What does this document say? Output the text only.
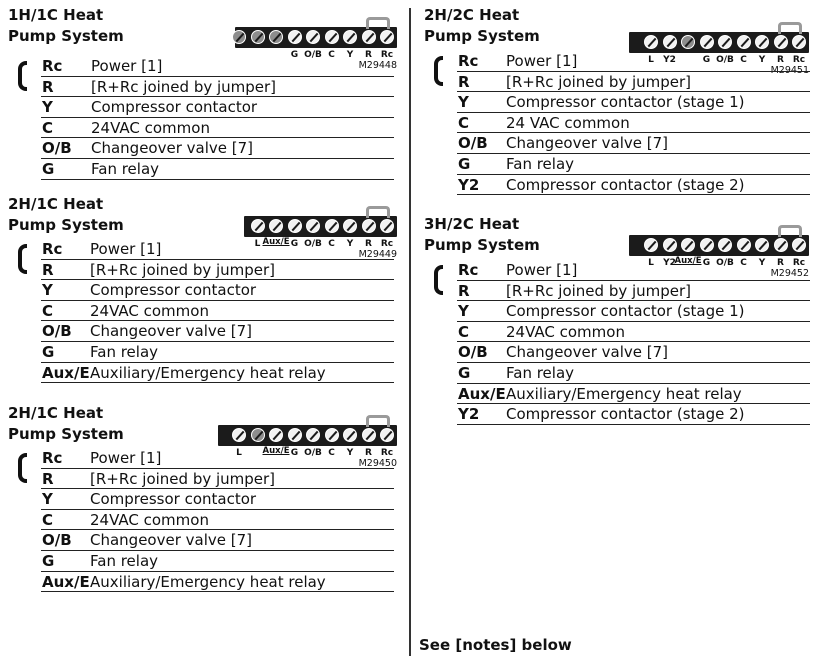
1H/1C Heat
Pump System
G O/B C	Y	R Rc
M29448
Rc Power [1]
R [R+Rc joined by jumper]
Y	Compressor contactor
C	24VAC common
O/B Changeover valve [7]
G Fan relay
2H/1C Heat
Pump System
L Aux/E G O/B C	Y	R Rc
M29449
Rc Power [1]
R [R+Rc joined by jumper]
Y Compressor contactor
C 24VAC common
O/B Changeover valve [7]
G Fan relay
Aux/E Auxiliary/Emergency heat relay
2H/1C Heat
Pump System
L	Aux/E G O/B C	Y	R Rc
M29450
Rc Power [1]
R [R+Rc joined by jumper]
Y Compressor contactor
C 24VAC common
O/B Changeover valve [7]
G Fan relay
Aux/E Auxiliary/Emergency heat relay
2H/2C Heat
Pump System
L	Y2	G O/B C	Y	R Rc
M29451
Rc Power [1]
R [R+Rc joined by jumper]
Y Compressor contactor (stage 1)
C 24 VAC common
O/B Changeover valve [7]
G Fan relay
Y2 Compressor contactor (stage 2)
3H/2C Heat
Pump System
L	Y2
Aux/E G O/B C	Y	R Rc
M29452
Rc Power [1]
R [R+Rc joined by jumper]
Y Compressor contactor (stage 1)
C 24VAC common
O/B Changeover valve [7]
G Fan relay
Aux/E Auxiliary/Emergency heat relay
Y2 Compressor contactor (stage 2)
See [notes] below
